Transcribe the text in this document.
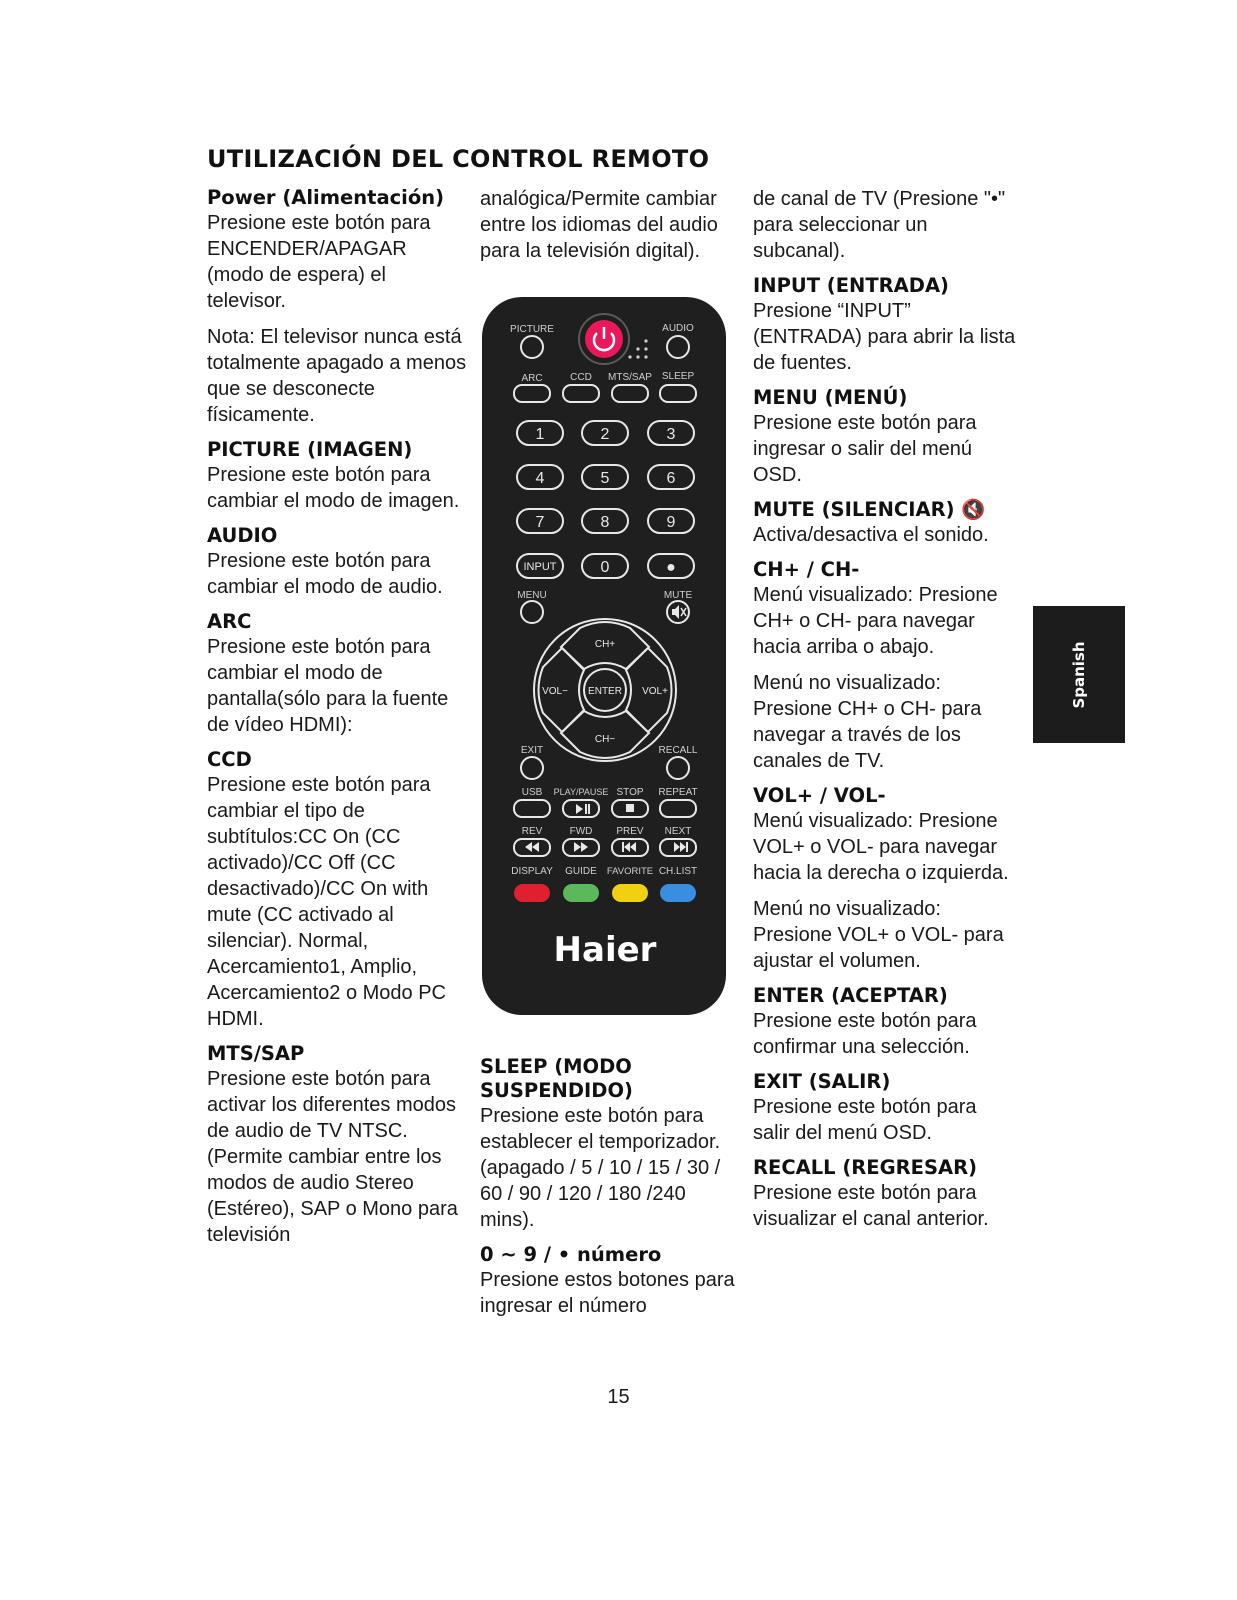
UTILIZACIÓN DEL CONTROL REMOTO
Power (Alimentación)

Presione este botón para ENCENDER/APAGAR (modo de espera) el televisor.

Nota: El televisor nunca está totalmente apagado a menos que se desconecte físicamente.

PICTURE (IMAGEN)

Presione este botón para cambiar el modo de imagen.

AUDIO

Presione este botón para cambiar el modo de audio.

ARC

Presione este botón para cambiar el modo de pantalla(sólo para la fuente de vídeo HDMI):

CCD

Presione este botón para cambiar el tipo de subtítulos:CC On (CC activado)/CC Off (CC desactivado)/CC On with mute (CC activado al silenciar). Normal, Acercamiento1, Amplio, Acercamiento2 o Modo PC HDMI.

MTS/SAP

Presione este botón para activar los diferentes modos de audio de TV NTSC. (Permite cambiar entre los modos de audio Stereo (Estéreo), SAP o Mono para televisión

analógica/Permite cambiar entre los idiomas del audio para la televisión digital).

SLEEP (MODO SUSPENDIDO)

Presione este botón para establecer el temporizador. (apagado / 5 / 10 / 15 / 30 / 60 / 90 / 120 / 180 /240 mins).

0 ~ 9 / • número

Presione estos botones para ingresar el número

de canal de TV (Presione "•" para seleccionar un subcanal).

INPUT (ENTRADA)

Presione “INPUT” (ENTRADA) para abrir la lista de fuentes.

MENU (MENÚ)

Presione este botón para ingresar o salir del menú OSD.

MUTE (SILENCIAR) 🔇

Activa/desactiva el sonido.

CH+ / CH-

Menú visualizado: Presione CH+ o CH- para navegar hacia arriba o abajo.

Menú no visualizado: Presione CH+ o CH- para navegar a través de los canales de TV.

VOL+ / VOL-

Menú visualizado: Presione VOL+ o VOL- para navegar hacia la derecha o izquierda.

Menú no visualizado: Presione VOL+ o VOL- para ajustar el volumen.

ENTER (ACEPTAR)

Presione este botón para confirmar una selección.

EXIT (SALIR)

Presione este botón para salir del menú OSD.

RECALL (REGRESAR)

Presione este botón para visualizar el canal anterior.

PICTURE	AUDIO
ARC	CCD MTS/SAP SLEEP
1	2	3
4	5	6
7	8	9
INPUT	0	●
MENU	MUTE
CH+
CH−
VOL−	VOL+
ENTER
EXIT	RECALL
USB PLAY/PAUSE STOP REPEAT
REV	FWD PREV NEXT
DISPLAY GUIDE FAVORITE CH.LIST
Haier
Spanish
15
